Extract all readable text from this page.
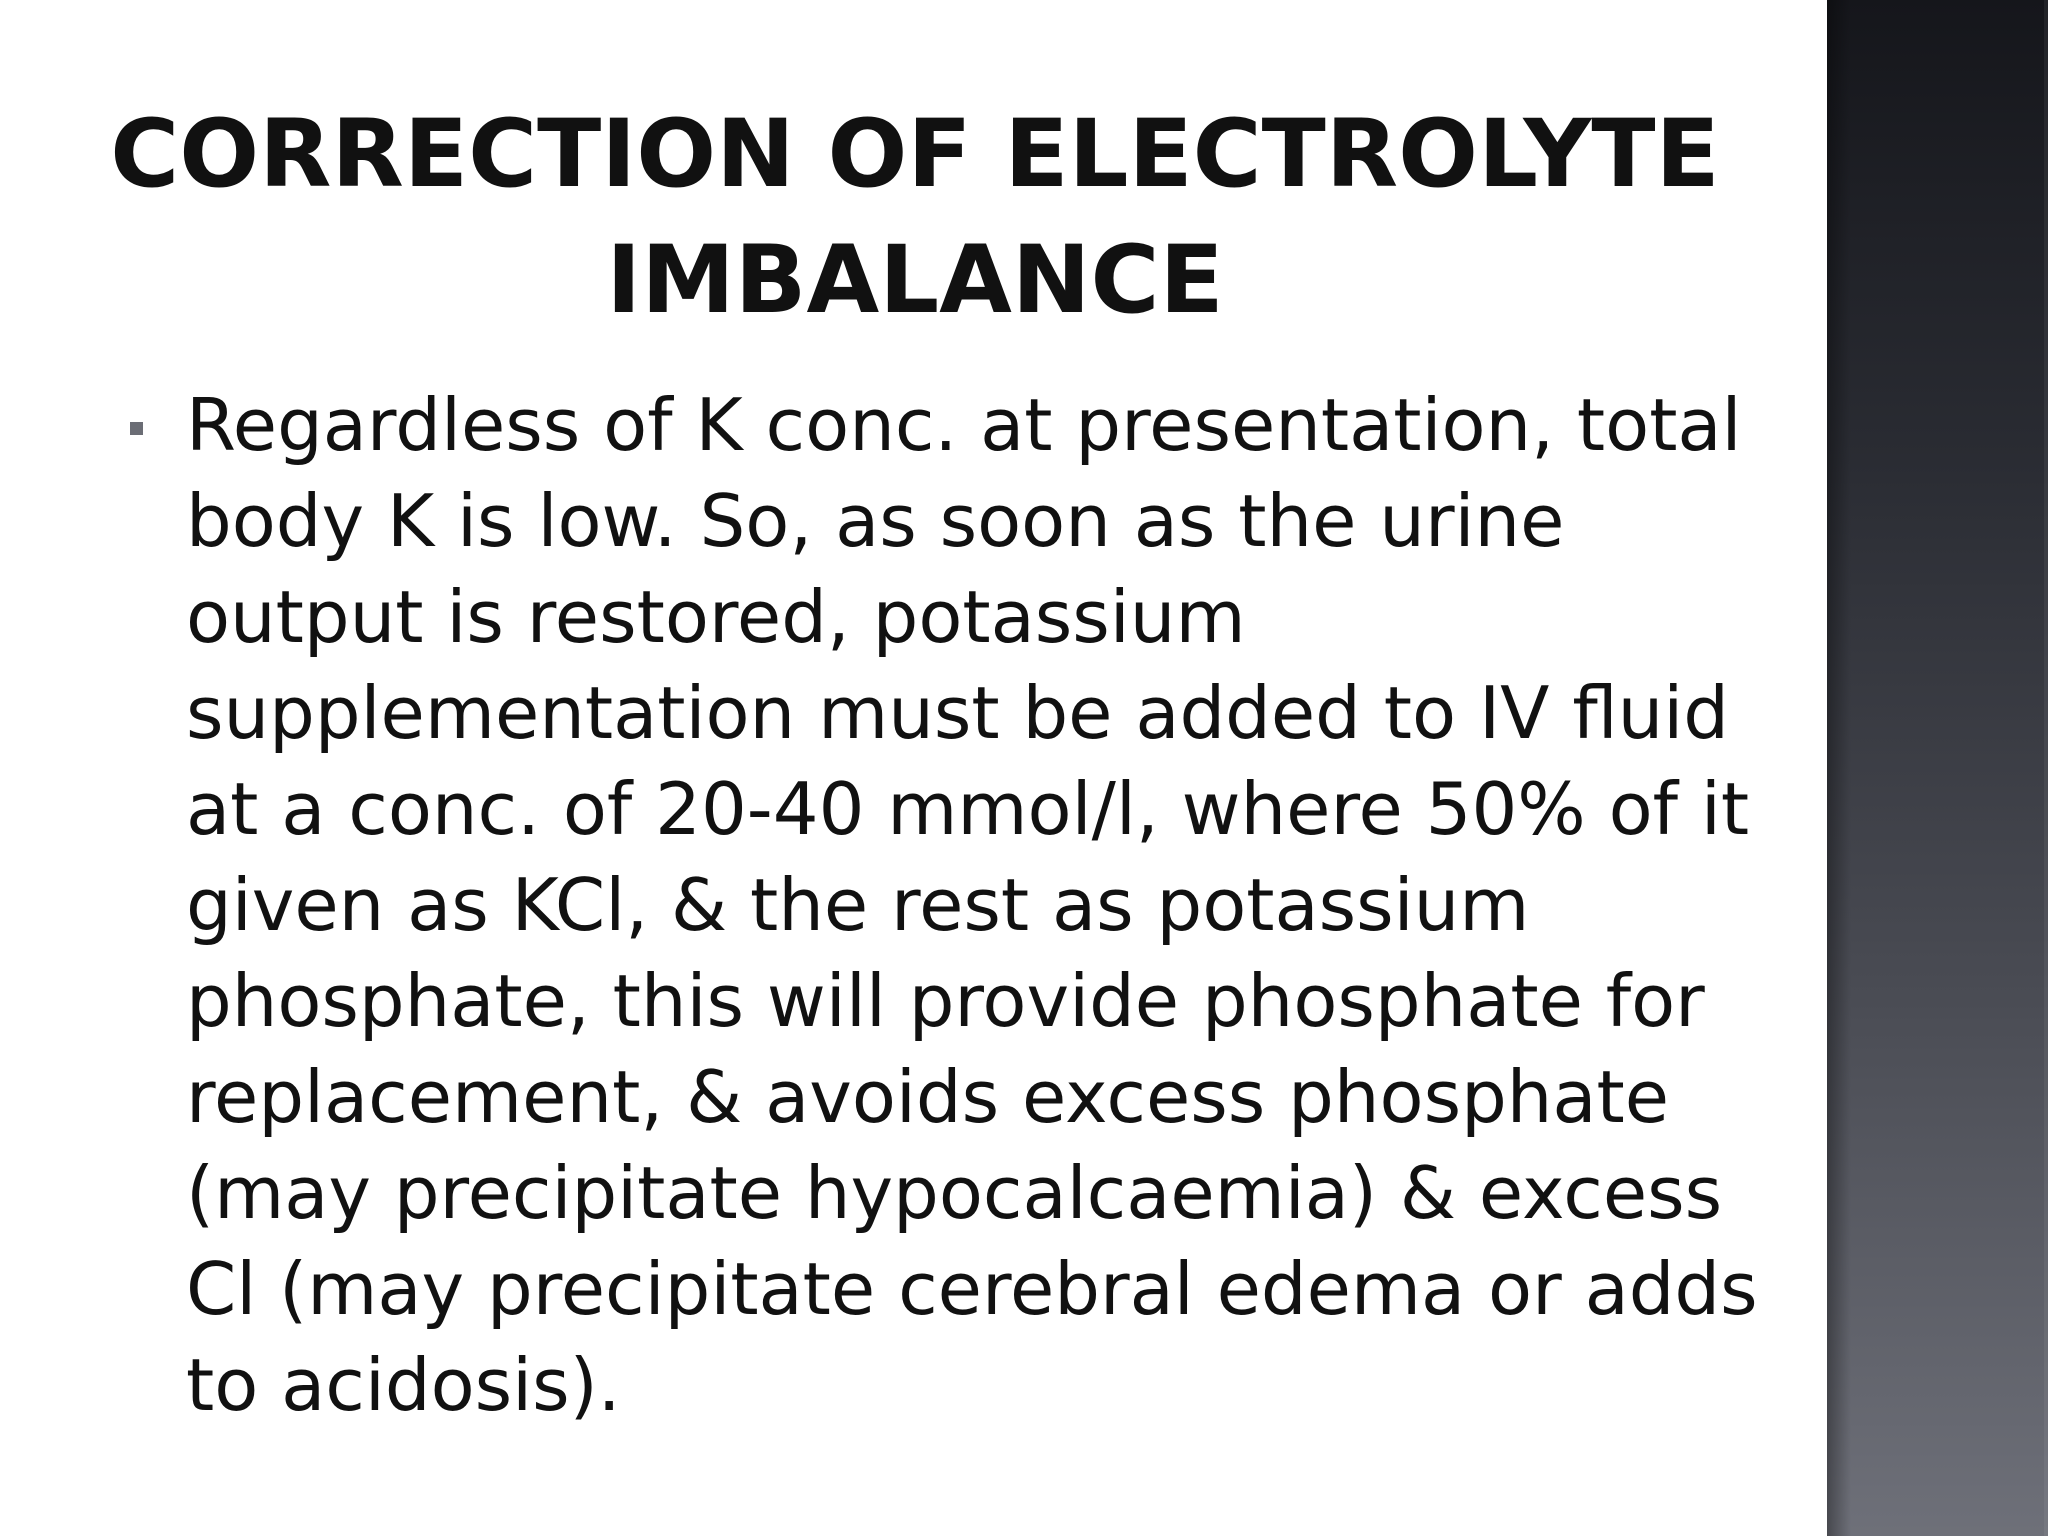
CORRECTION OF ELECTROLYTE
IMBALANCE
Regardless of K conc. at presentation, total body K is low. So, as soon as the urine output is restored, potassium supplementation must be added to IV fluid at a conc. of 20-40 mmol/l, where 50% of it given as KCl, & the rest as potassium phosphate, this will provide phosphate for replacement, & avoids excess phosphate (may precipitate hypocalcaemia) & excess Cl (may precipitate cerebral edema or adds to acidosis).
